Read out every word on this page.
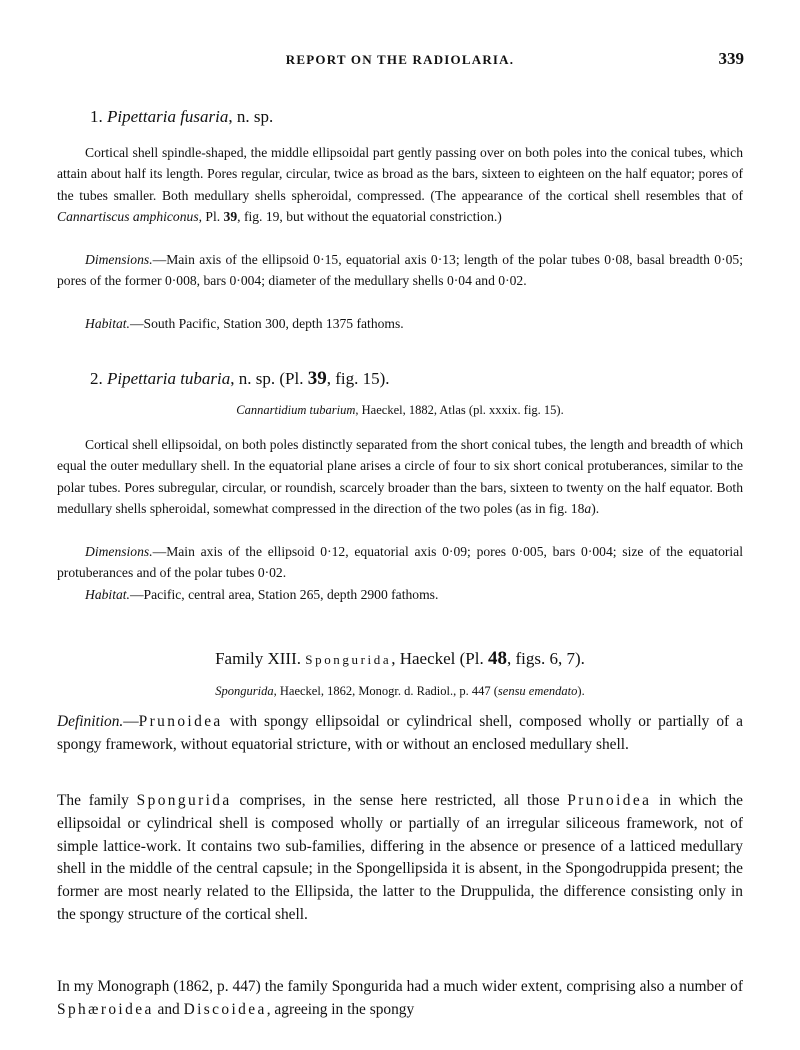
REPORT ON THE RADIOLARIA.	339
1. Pipettaria fusaria, n. sp.
Cortical shell spindle-shaped, the middle ellipsoidal part gently passing over on both poles into the conical tubes, which attain about half its length. Pores regular, circular, twice as broad as the bars, sixteen to eighteen on the half equator; pores of the tubes smaller. Both medullary shells spheroidal, compressed. (The appearance of the cortical shell resembles that of Cannartiscus amphiconus, Pl. 39, fig. 19, but without the equatorial constriction.)
Dimensions.—Main axis of the ellipsoid 0·15, equatorial axis 0·13; length of the polar tubes 0·08, basal breadth 0·05; pores of the former 0·008, bars 0·004; diameter of the medullary shells 0·04 and 0·02.
Habitat.—South Pacific, Station 300, depth 1375 fathoms.
2. Pipettaria tubaria, n. sp. (Pl. 39, fig. 15).
Cannartidium tubarium, Haeckel, 1882, Atlas (pl. xxxix. fig. 15).
Cortical shell ellipsoidal, on both poles distinctly separated from the short conical tubes, the length and breadth of which equal the outer medullary shell. In the equatorial plane arises a circle of four to six short conical protuberances, similar to the polar tubes. Pores subregular, circular, or roundish, scarcely broader than the bars, sixteen to twenty on the half equator. Both medullary shells spheroidal, somewhat compressed in the direction of the two poles (as in fig. 18a).
Dimensions.—Main axis of the ellipsoid 0·12, equatorial axis 0·09; pores 0·005, bars 0·004; size of the equatorial protuberances and of the polar tubes 0·02.
Habitat.—Pacific, central area, Station 265, depth 2900 fathoms.
Family XIII. Spongurida, Haeckel (Pl. 48, figs. 6, 7).
Spongurida, Haeckel, 1862, Monogr. d. Radiol., p. 447 (sensu emendato).
Definition.—Prunoidea with spongy ellipsoidal or cylindrical shell, composed wholly or partially of a spongy framework, without equatorial stricture, with or without an enclosed medullary shell.
The family Spongurida comprises, in the sense here restricted, all those Prunoidea in which the ellipsoidal or cylindrical shell is composed wholly or partially of an irregular siliceous framework, not of simple lattice-work. It contains two sub-families, differing in the absence or presence of a latticed medullary shell in the middle of the central capsule; in the Spongellipsida it is absent, in the Spongodruppida present; the former are most nearly related to the Ellipsida, the latter to the Druppulida, the difference consisting only in the spongy structure of the cortical shell.
In my Monograph (1862, p. 447) the family Spongurida had a much wider extent, comprising also a number of Sphæroidea and Discoidea, agreeing in the spongy
